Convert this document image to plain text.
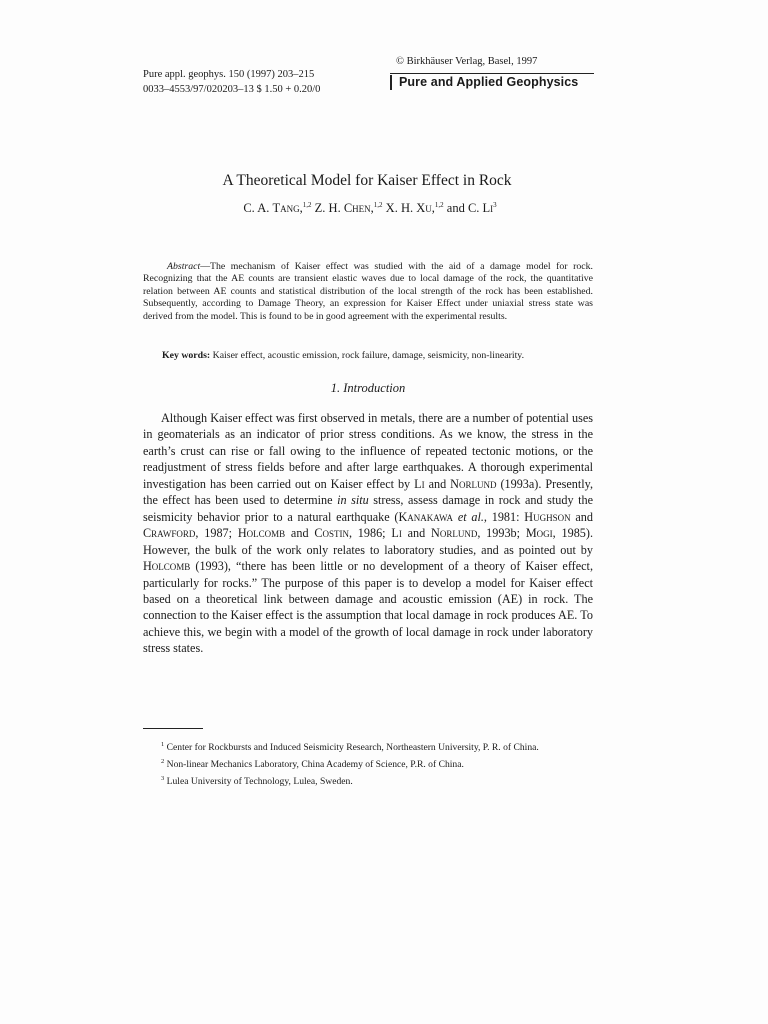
Pure appl. geophys. 150 (1997) 203–215
0033–4553/97/020203–13 $ 1.50 + 0.20/0
© Birkhäuser Verlag, Basel, 1997
Pure and Applied Geophysics
A Theoretical Model for Kaiser Effect in Rock
C. A. Tang,$^{1,2}$ Z. H. Chen,$^{1,2}$ X. H. Xu,$^{1,2}$ and C. Li$^3$
Abstract—The mechanism of Kaiser effect was studied with the aid of a damage model for rock. Recognizing that the AE counts are transient elastic waves due to local damage of the rock, the quantitative relation between AE counts and statistical distribution of the local strength of the rock has been established. Subsequently, according to Damage Theory, an expression for Kaiser Effect under uniaxial stress state was derived from the model. This is found to be in good agreement with the experimental results.
Key words: Kaiser effect, acoustic emission, rock failure, damage, seismicity, non-linearity.
1. Introduction
Although Kaiser effect was first observed in metals, there are a number of potential uses in geomaterials as an indicator of prior stress conditions. As we know, the stress in the earth’s crust can rise or fall owing to the influence of repeated tectonic motions, or the readjustment of stress fields before and after large earthquakes. A thorough experimental investigation has been carried out on Kaiser effect by Li and Norlund (1993a). Presently, the effect has been used to determine in situ stress, assess damage in rock and study the seismicity behavior prior to a natural earthquake (Kanakawa et al., 1981: Hughson and Crawford, 1987; Holcomb and Costin, 1986; Li and Norlund, 1993b; Mogi, 1985). However, the bulk of the work only relates to laboratory studies, and as pointed out by Holcomb (1993), “there has been little or no development of a theory of Kaiser effect, particularly for rocks.” The purpose of this paper is to develop a model for Kaiser effect based on a theoretical link between damage and acoustic emission (AE) in rock. The connection to the Kaiser effect is the assumption that local damage in rock produces AE. To achieve this, we begin with a model of the growth of local damage in rock under laboratory stress states.
$^1$ Center for Rockbursts and Induced Seismicity Research, Northeastern University, P. R. of China.
$^2$ Non-linear Mechanics Laboratory, China Academy of Science, P.R. of China.
$^3$ Lulea University of Technology, Lulea, Sweden.
